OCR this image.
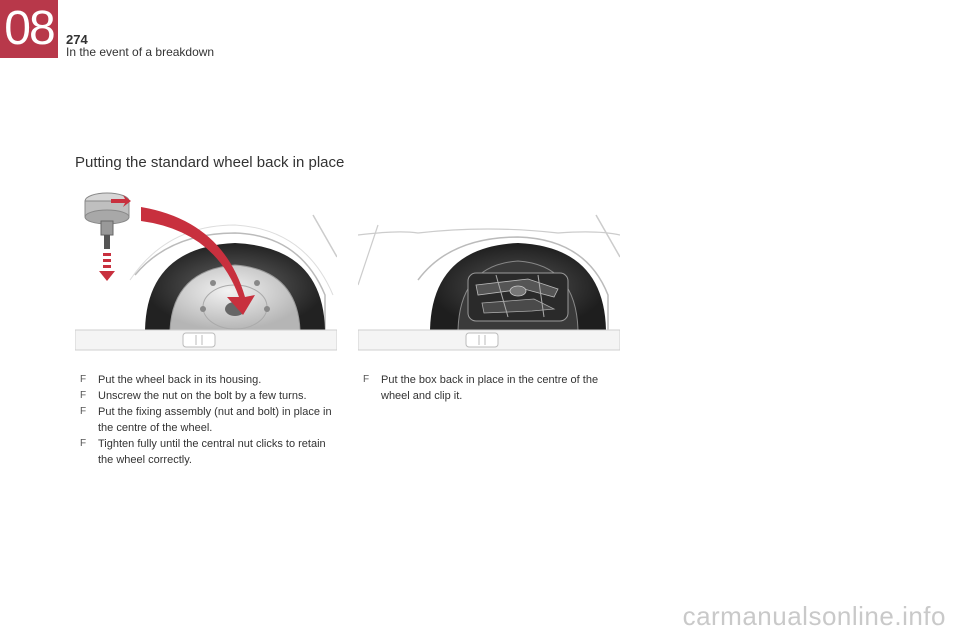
08 274
In the event of a breakdown
Putting the standard wheel back in place
F Put the wheel back in its housing.
F Unscrew the nut on the bolt by a few turns.
F Put the fixing assembly (nut and bolt) in place in the centre of the wheel.
F Tighten fully until the central nut clicks to retain the wheel correctly.
F Put the box back in place in the centre of the wheel and clip it.
carmanualsonline.info
